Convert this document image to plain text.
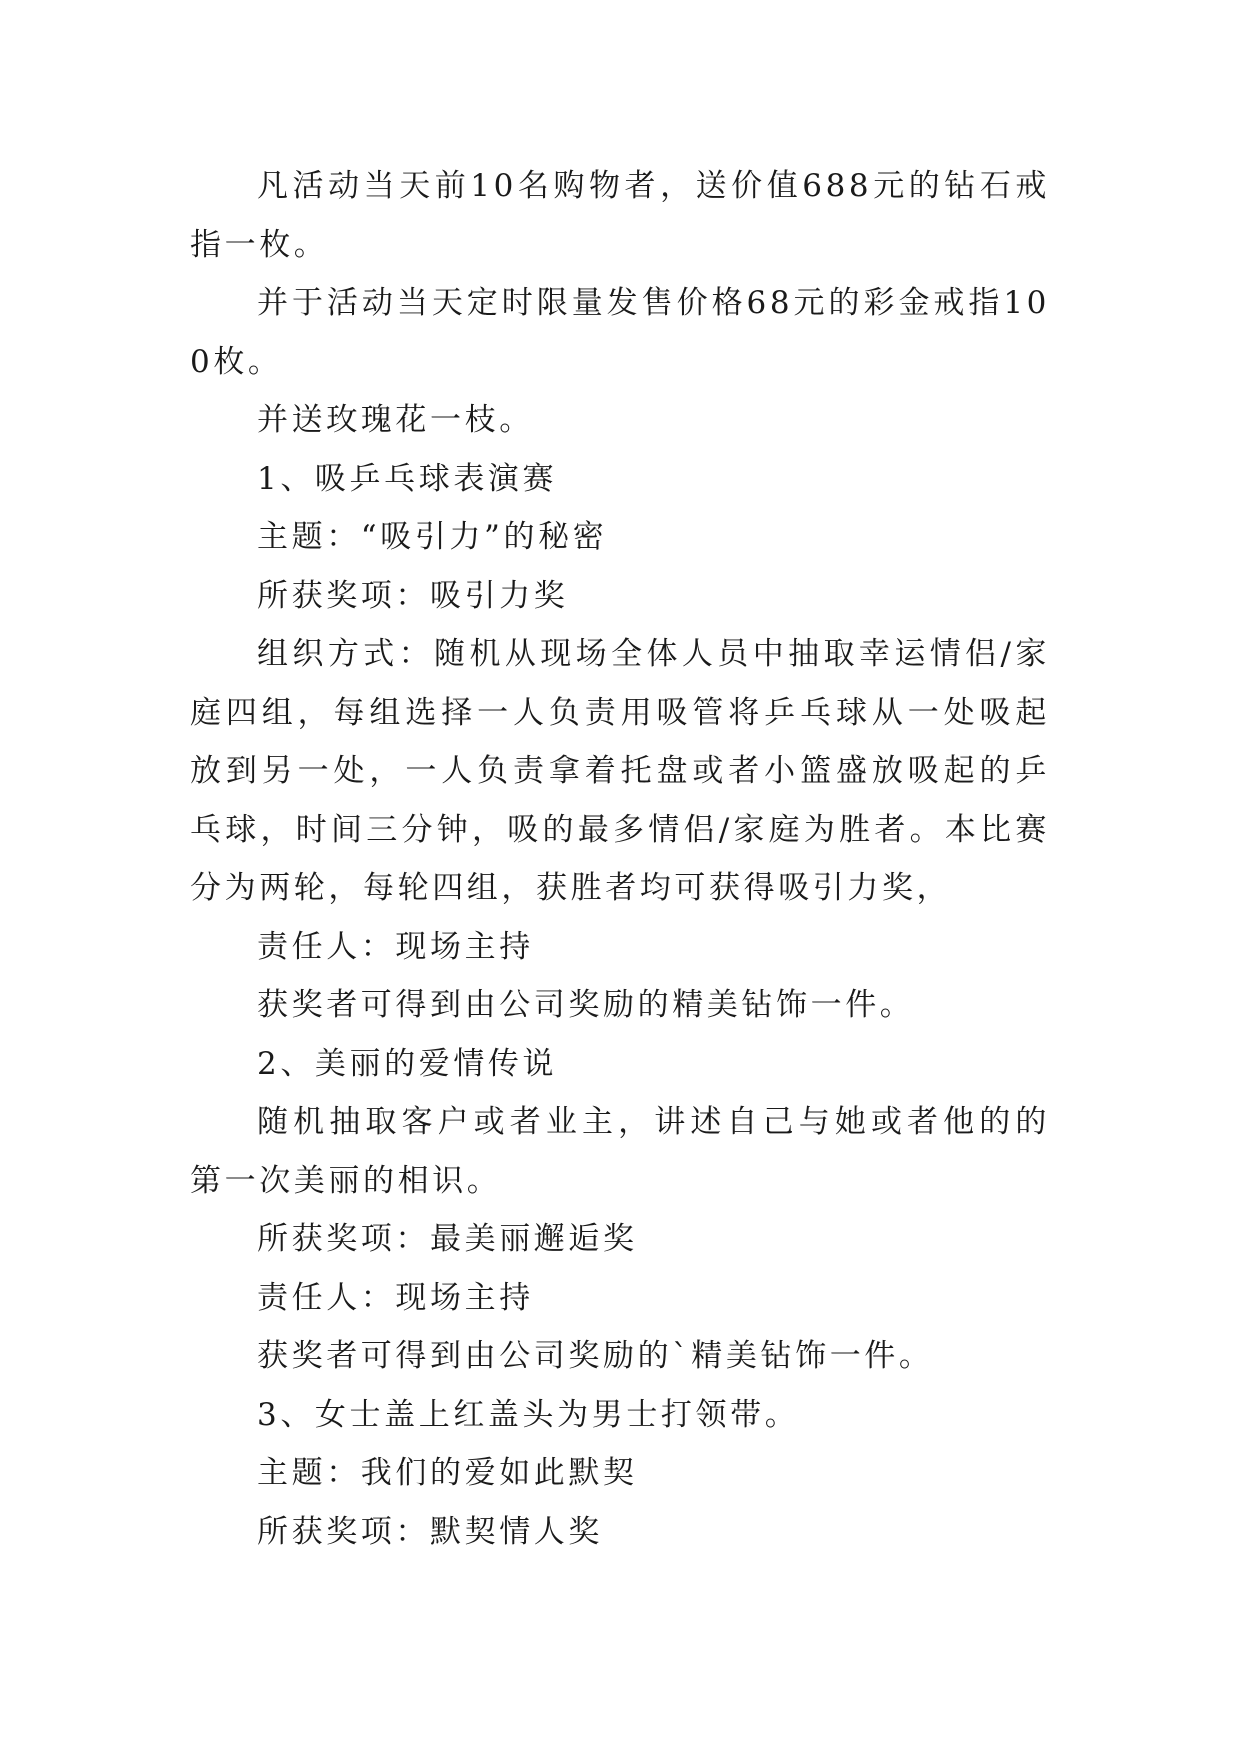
凡活动当天前10名购物者，送价值688元的钻石戒指一枚。

并于活动当天定时限量发售价格68元的彩金戒指100枚。

并送玫瑰花一枝。

1、吸乒乓球表演赛

主题：“吸引力”的秘密

所获奖项：吸引力奖

组织方式：随机从现场全体人员中抽取幸运情侣/家庭四组，每组选择一人负责用吸管将乒乓球从一处吸起放到另一处，一人负责拿着托盘或者小篮盛放吸起的乒乓球，时间三分钟，吸的最多情侣/家庭为胜者。本比赛分为两轮，每轮四组，获胜者均可获得吸引力奖，

责任人：现场主持

获奖者可得到由公司奖励的精美钻饰一件。

2、美丽的爱情传说

随机抽取客户或者业主，讲述自己与她或者他的的第一次美丽的相识。

所获奖项：最美丽邂逅奖

责任人：现场主持

获奖者可得到由公司奖励的`精美钻饰一件。

3、女士盖上红盖头为男士打领带。

主题：我们的爱如此默契

所获奖项：默契情人奖
